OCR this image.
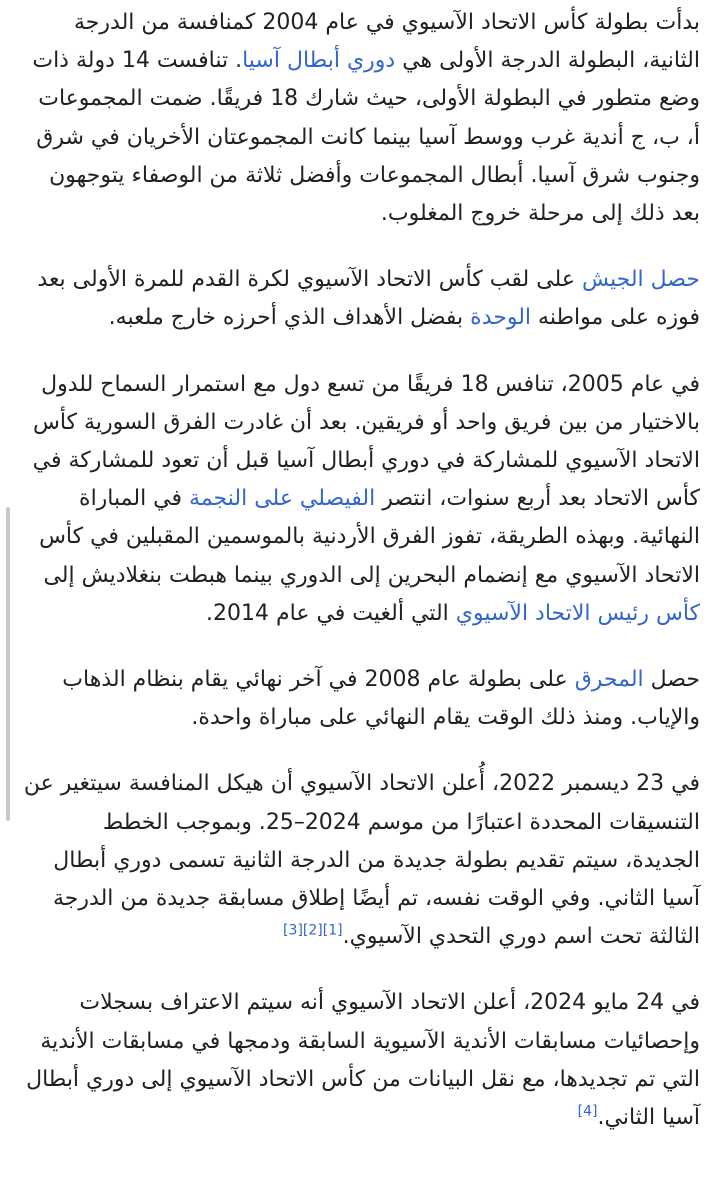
بدأت بطولة كأس الاتحاد الآسيوي في عام 2004 كمنافسة من الدرجة الثانية، البطولة الدرجة الأولى هي دوري أبطال آسيا. تنافست 14 دولة ذات وضع متطور في البطولة الأولى، حيث شارك 18 فريقًا. ضمت المجموعات أ، ب، ج أندية غرب ووسط آسيا بينما كانت المجموعتان الأخريان في شرق وجنوب شرق آسيا. أبطال المجموعات وأفضل ثلاثة من الوصفاء يتوجهون بعد ذلك إلى مرحلة خروج المغلوب.

حصل الجيش على لقب كأس الاتحاد الآسيوي لكرة القدم للمرة الأولى بعد فوزه على مواطنه الوحدة بفضل الأهداف الذي أحرزه خارج ملعبه.

في عام 2005، تنافس 18 فريقًا من تسع دول مع استمرار السماح للدول بالاختيار من بين فريق واحد أو فريقين. بعد أن غادرت الفرق السورية كأس الاتحاد الآسيوي للمشاركة في دوري أبطال آسيا قبل أن تعود للمشاركة في كأس الاتحاد بعد أربع سنوات، انتصر الفيصلي على النجمة في المباراة النهائية. وبهذه الطريقة، تفوز الفرق الأردنية بالموسمين المقبلين في كأس الاتحاد الآسيوي مع إنضمام البحرين إلى الدوري بينما هبطت بنغلاديش إلى كأس رئيس الاتحاد الآسيوي التي ألغيت في عام 2014.

حصل المحرق على بطولة عام 2008 في آخر نهائي يقام بنظام الذهاب والإياب. ومنذ ذلك الوقت يقام النهائي على مباراة واحدة.

في 23 ديسمبر 2022، أُعلن الاتحاد الآسيوي أن هيكل المنافسة سيتغير عن التنسيقات المحددة اعتبارًا من موسم 2024–25. وبموجب الخطط الجديدة، سيتم تقديم بطولة جديدة من الدرجة الثانية تسمى دوري أبطال آسيا الثاني. وفي الوقت نفسه، تم أيضًا إطلاق مسابقة جديدة من الدرجة الثالثة تحت اسم دوري التحدي الآسيوي.[1][2][3]

في 24 مايو 2024، أعلن الاتحاد الآسيوي أنه سيتم الاعتراف بسجلات وإحصائيات مسابقات الأندية الآسيوية السابقة ودمجها في مسابقات الأندية التي تم تجديدها، مع نقل البيانات من كأس الاتحاد الآسيوي إلى دوري أبطال آسيا الثاني.[4]
